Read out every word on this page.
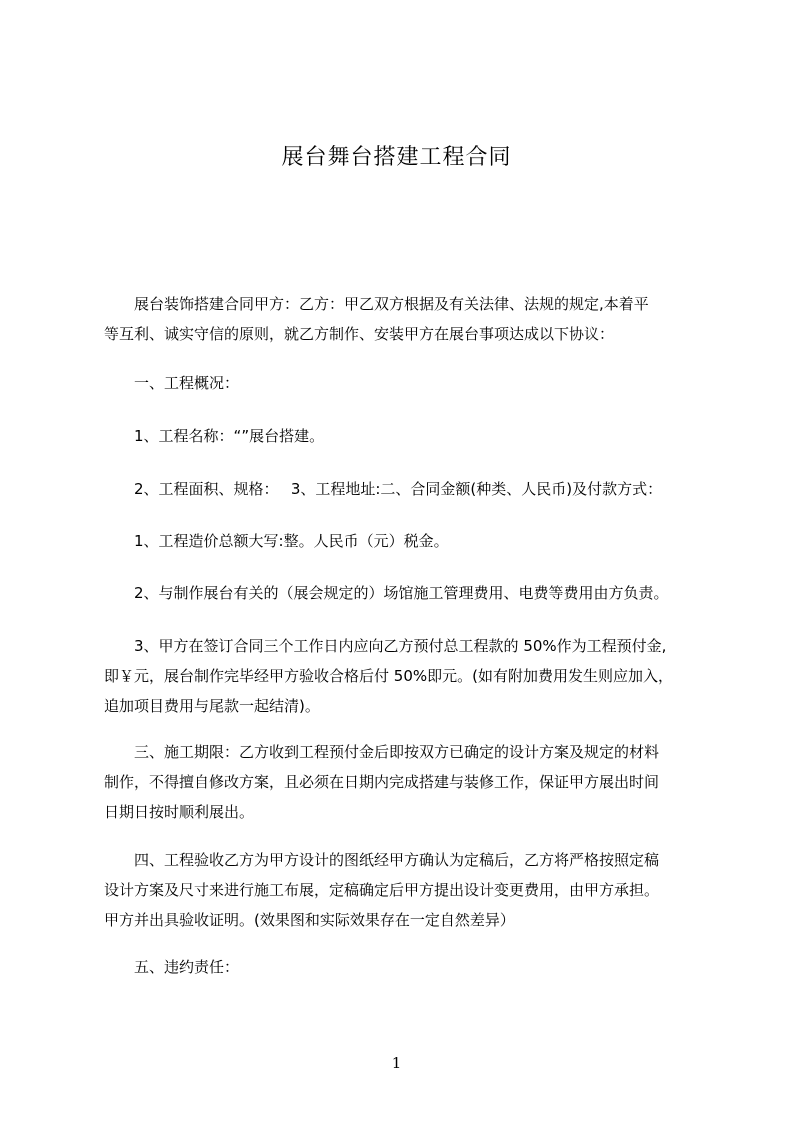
展台舞台搭建工程合同
　　展台装饰搭建合同甲方：乙方：甲乙双方根据及有关法律、法规的规定,本着平
等互利、诚实守信的原则，就乙方制作、安装甲方在展台事项达成以下协议：
　　一、工程概况：
　　1、工程名称：“”展台搭建。
　　2、工程面积、规格：　 3、工程地址:二、合同金额(种类、人民币)及付款方式：
　　1、工程造价总额大写:整。人民币（元）税金。
　　2、与制作展台有关的（展会规定的）场馆施工管理费用、电费等费用由方负责。
　　3、甲方在签订合同三个工作日内应向乙方预付总工程款的 50%作为工程预付金,
即￥元，展台制作完毕经甲方验收合格后付 50%即元。(如有附加费用发生则应加入，
追加项目费用与尾款一起结清)。
　　三、施工期限：乙方收到工程预付金后即按双方已确定的设计方案及规定的材料
制作，不得擅自修改方案，且必须在日期内完成搭建与装修工作，保证甲方展出时间
日期日按时顺利展出。
　　四、工程验收乙方为甲方设计的图纸经甲方确认为定稿后，乙方将严格按照定稿
设计方案及尺寸来进行施工布展，定稿确定后甲方提出设计变更费用，由甲方承担。
甲方并出具验收证明。(效果图和实际效果存在一定自然差异）
　　五、违约责任：
1
